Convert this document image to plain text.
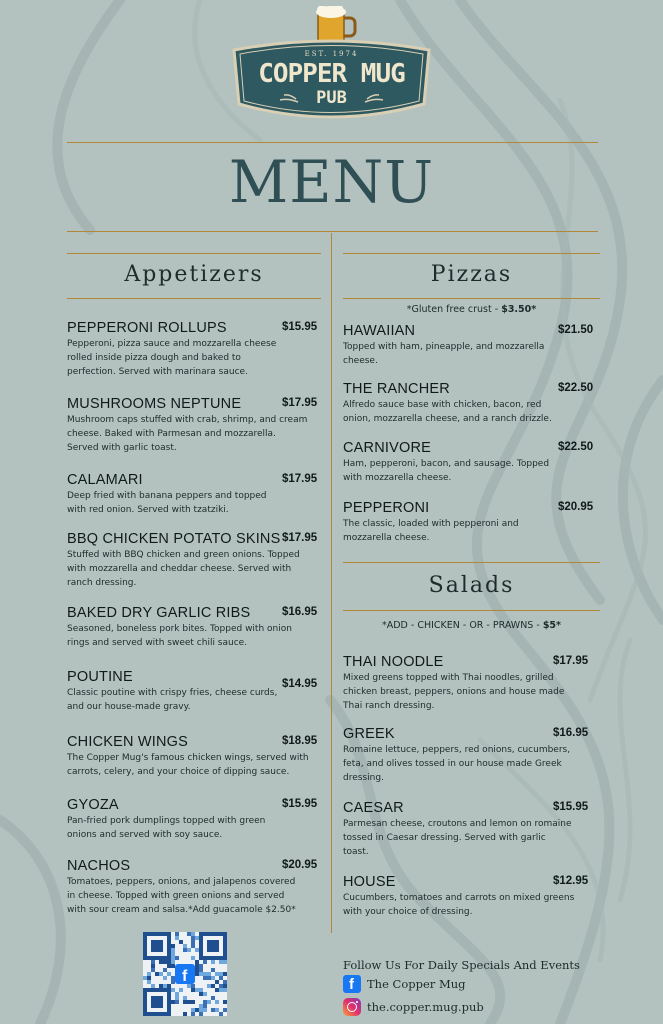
EST. 1974
COPPER MUG
PUB
MENU
Appetizers
PEPPERONI ROLLUPS	$15.95
Pepperoni, pizza sauce and mozzarella cheese
rolled inside pizza dough and baked to
perfection. Served with marinara sauce.
MUSHROOMS NEPTUNE	$17.95
Mushroom caps stuffed with crab, shrimp, and cream
cheese. Baked with Parmesan and mozzarella.
Served with garlic toast.
CALAMARI	$17.95
Deep fried with banana peppers and topped
with red onion. Served with tzatziki.
BBQ CHICKEN POTATO SKINS $17.95
Stuffed with BBQ chicken and green onions. Topped
with mozzarella and cheddar cheese. Served with
ranch dressing.
BAKED DRY GARLIC RIBS	$16.95
Seasoned, boneless pork bites. Topped with onion
rings and served with sweet chili sauce.
POUTINE	$14.95
Classic poutine with crispy fries, cheese curds,
and our house-made gravy.
CHICKEN WINGS	$18.95
The Copper Mug's famous chicken wings, served with
carrots, celery, and your choice of dipping sauce.
GYOZA	$15.95
Pan-fried pork dumplings topped with green
onions and served with soy sauce.
NACHOS	$20.95
Tomatoes, peppers, onions, and jalapenos covered
in cheese. Topped with green onions and served
with sour cream and salsa.*Add guacamole $2.50*
Pizzas
*Gluten free crust - $3.50*
HAWAIIAN	$21.50
Topped with ham, pineapple, and mozzarella
cheese.
THE RANCHER	$22.50
Alfredo sauce base with chicken, bacon, red
onion, mozzarella cheese, and a ranch drizzle.
CARNIVORE	$22.50
Ham, pepperoni, bacon, and sausage. Topped
with mozzarella cheese.
PEPPERONI	$20.95
The classic, loaded with pepperoni and
mozzarella cheese.
Salads
*ADD - CHICKEN - OR - PRAWNS - $5*
THAI NOODLE	$17.95
Mixed greens topped with Thai noodles, grilled
chicken breast, peppers, onions and house made
Thai ranch dressing.
GREEK	$16.95
Romaine lettuce, peppers, red onions, cucumbers,
feta, and olives tossed in our house made Greek
dressing.
CAESAR	$15.95
Parmesan cheese, croutons and lemon on romaine
tossed in Caesar dressing. Served with garlic
toast.
HOUSE	$12.95
Cucumbers, tomatoes and carrots on mixed greens
with your choice of dressing.
f
Follow Us For Daily Specials And Events
f The Copper Mug
the.copper.mug.pub
